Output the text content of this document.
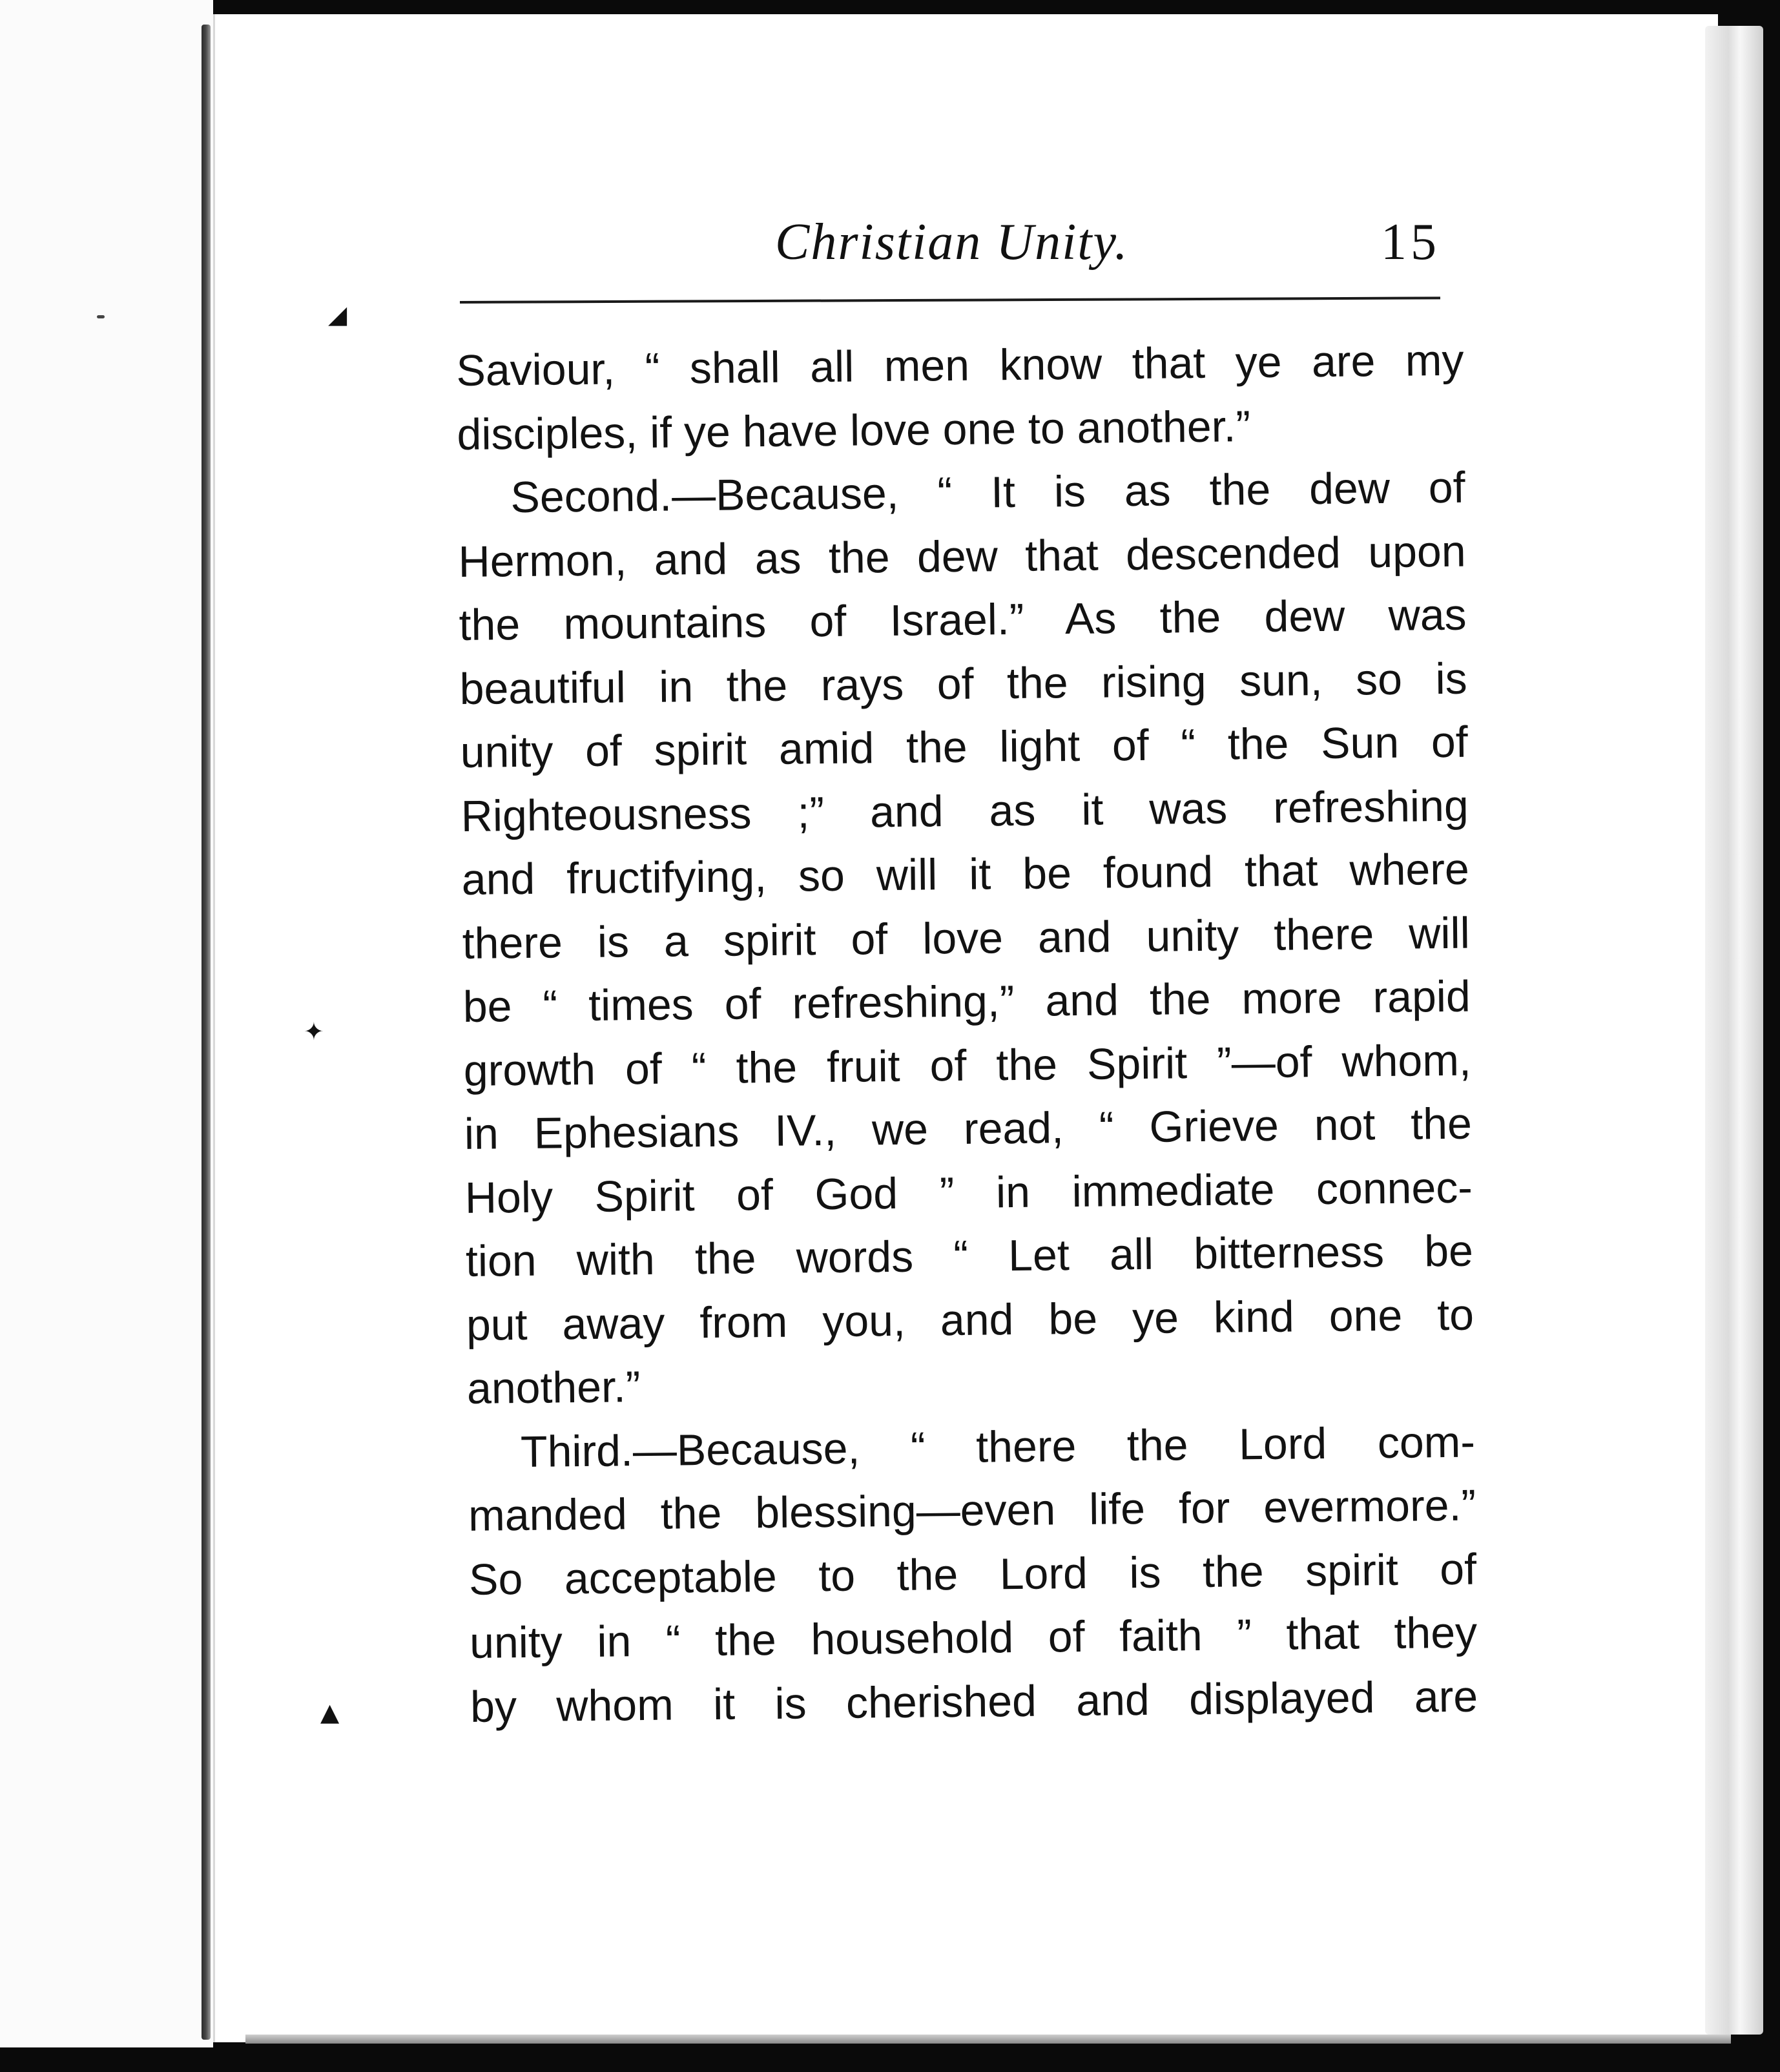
◢
✦
▲
Christian Unity.	15
Saviour, “ shall all men know that ye are my
disciples, if ye have love one to another.”
Second.—Because, “ It is as the dew of
Hermon, and as the dew that descended upon
the mountains of Israel.” As the dew was
beautiful in the rays of the rising sun, so is
unity of spirit amid the light of “ the Sun of
Righteousness ;” and as it was refreshing
and fructifying, so will it be found that where
there is a spirit of love and unity there will
be “ times of refreshing,” and the more rapid
growth of “ the fruit of the Spirit ”—of whom,
in Ephesians IV., we read, “ Grieve not the
Holy Spirit of God ” in immediate connec-
tion with the words “ Let all bitterness be
put away from you, and be ye kind one to
another.”
Third.—Because, “ there the Lord com-
manded the blessing—even life for evermore.”
So acceptable to the Lord is the spirit of
unity in “ the household of faith ” that they
by whom it is cherished and displayed are
